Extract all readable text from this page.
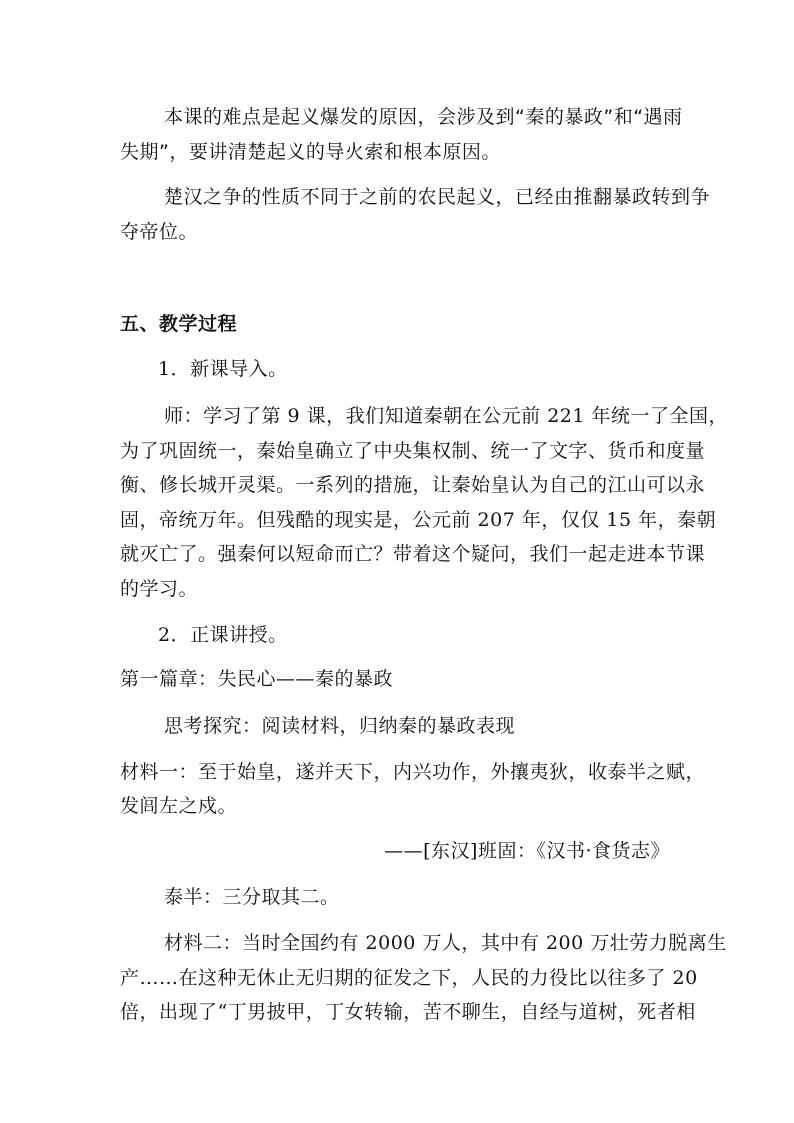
本课的难点是起义爆发的原因，会涉及到“秦的暴政”和“遇雨
失期”，要讲清楚起义的导火索和根本原因。
楚汉之争的性质不同于之前的农民起义，已经由推翻暴政转到争
夺帝位。
五、教学过程
1．新课导入。
师：学习了第 9 课，我们知道秦朝在公元前 221 年统一了全国，
为了巩固统一，秦始皇确立了中央集权制、统一了文字、货币和度量
衡、修长城开灵渠。一系列的措施，让秦始皇认为自己的江山可以永
固，帝统万年。但残酷的现实是，公元前 207 年，仅仅 15 年，秦朝
就灭亡了。强秦何以短命而亡？带着这个疑问，我们一起走进本节课
的学习。
2．正课讲授。
第一篇章：失民心——秦的暴政
思考探究：阅读材料，归纳秦的暴政表现
材料一：至于始皇，遂并天下，内兴功作，外攘夷狄，收泰半之赋，
发闾左之戍。
——[东汉]班固：《汉书·食货志》
泰半：三分取其二。
材料二：当时全国约有 2000 万人，其中有 200 万壮劳力脱离生
产……在这种无休止无归期的征发之下，人民的力役比以往多了 20
倍，出现了“丁男披甲，丁女转输，苦不聊生，自经与道树，死者相
